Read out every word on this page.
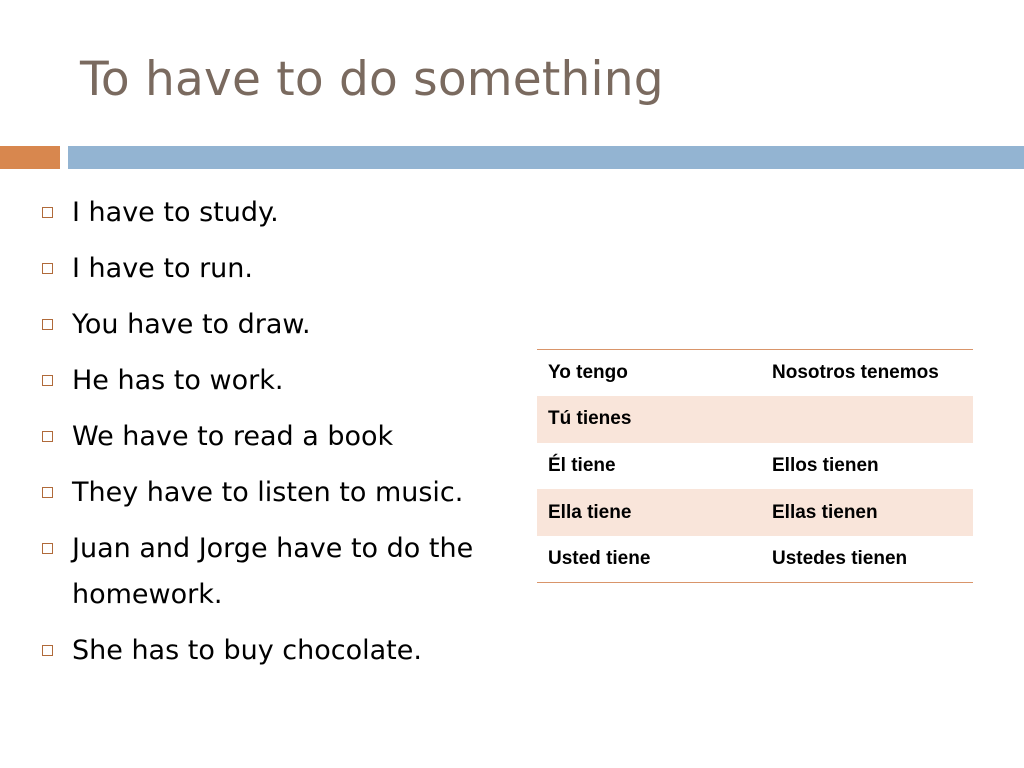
To have to do something
I have to study.
I have to run.
You have to draw.
He has to work.
We have to read a book
They have to listen to music.
Juan and Jorge have to do the homework.
She has to buy chocolate.
Yo tengo	Nosotros tenemos
Tú tienes	
Él tiene	Ellos tienen
Ella tiene	Ellas tienen
Usted tiene	Ustedes tienen
